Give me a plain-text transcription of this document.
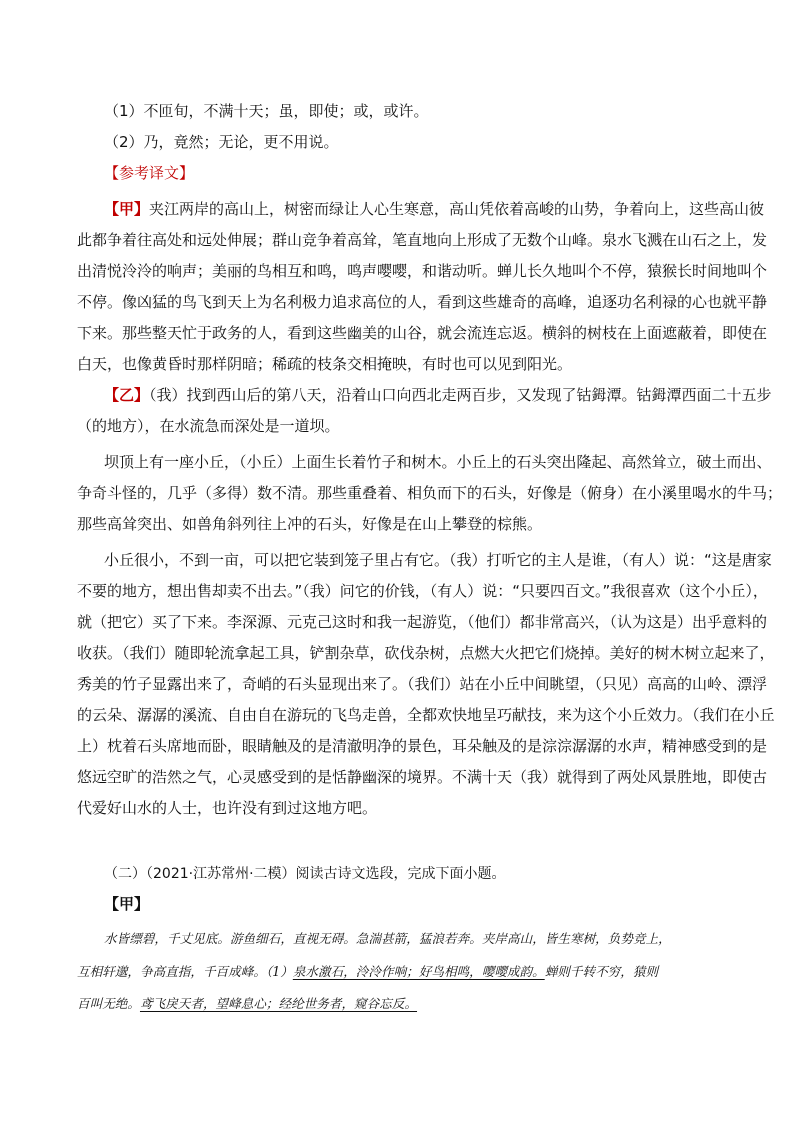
（1）不匝旬，不满十天；虽，即使；或，或许。
（2）乃，竟然；无论，更不用说。
【参考译文】
【甲】夹江两岸的高山上，树密而绿让人心生寒意，高山凭依着高峻的山势，争着向上，这些高山彼
此都争着往高处和远处伸展；群山竞争着高耸，笔直地向上形成了无数个山峰。泉水飞溅在山石之上，发
出清悦泠泠的响声；美丽的鸟相互和鸣，鸣声嘤嘤，和谐动听。蝉儿长久地叫个不停，猿猴长时间地叫个
不停。像凶猛的鸟飞到天上为名利极力追求高位的人，看到这些雄奇的高峰，追逐功名利禄的心也就平静
下来。那些整天忙于政务的人，看到这些幽美的山谷，就会流连忘返。横斜的树枝在上面遮蔽着，即使在
白天，也像黄昏时那样阴暗；稀疏的枝条交相掩映，有时也可以见到阳光。
【乙】（我）找到西山后的第八天，沿着山口向西北走两百步，又发现了钴鉧潭。钴鉧潭西面二十五步
（的地方），在水流急而深处是一道坝。
坝顶上有一座小丘，（小丘）上面生长着竹子和树木。小丘上的石头突出隆起、高然耸立，破土而出、
争奇斗怪的，几乎（多得）数不清。那些重叠着、相负而下的石头，好像是（俯身）在小溪里喝水的牛马；
那些高耸突出、如兽角斜列往上冲的石头，好像是在山上攀登的棕熊。
小丘很小，不到一亩，可以把它装到笼子里占有它。（我）打听它的主人是谁，（有人）说：“这是唐家
不要的地方，想出售却卖不出去。”（我）问它的价钱，（有人）说：“只要四百文。”我很喜欢（这个小丘），
就（把它）买了下来。李深源、元克己这时和我一起游览，（他们）都非常高兴，（认为这是）出乎意料的
收获。（我们）随即轮流拿起工具，铲割杂草，砍伐杂树，点燃大火把它们烧掉。美好的树木树立起来了，
秀美的竹子显露出来了，奇峭的石头显现出来了。（我们）站在小丘中间眺望，（只见）高高的山岭、漂浮
的云朵、潺潺的溪流、自由自在游玩的飞鸟走兽，全都欢快地呈巧献技，来为这个小丘效力。（我们在小丘
上）枕着石头席地而卧，眼睛触及的是清澈明净的景色，耳朵触及的是淙淙潺潺的水声，精神感受到的是
悠远空旷的浩然之气，心灵感受到的是恬静幽深的境界。不满十天（我）就得到了两处风景胜地，即使古
代爱好山水的人士，也许没有到过这地方吧。
（二）（2021·江苏常州·二模）阅读古诗文选段，完成下面小题。
【甲】
水皆缥碧，千丈见底。游鱼细石，直视无碍。急湍甚箭，猛浪若奔。夹岸高山，皆生寒树，负势竞上，
互相轩邈，争高直指，千百成峰。（1）泉水激石，泠泠作响；好鸟相鸣，嘤嘤成韵。蝉则千转不穷，猿则
百叫无绝。鸢飞戾天者，望峰息心；经纶世务者，窥谷忘反。
